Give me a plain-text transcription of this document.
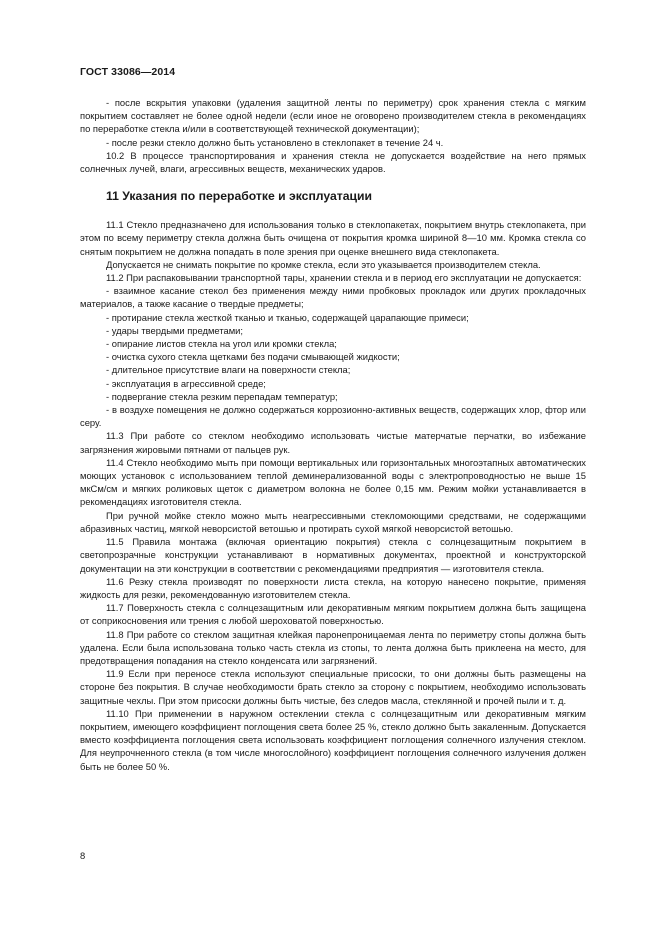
ГОСТ 33086—2014

- после вскрытия упаковки (удаления защитной ленты по периметру) срок хранения стекла с мягким покрытием составляет не более одной недели (если иное не оговорено производителем стекла в рекомендациях по переработке стекла и/или в соответствующей технической документации);

- после резки стекло должно быть установлено в стеклопакет в течение 24 ч.

10.2 В процессе транспортирования и хранения стекла не допускается воздействие на него прямых солнечных лучей, влаги, агрессивных веществ, механических ударов.

11 Указания по переработке и эксплуатации

11.1 Стекло предназначено для использования только в стеклопакетах, покрытием внутрь стеклопакета, при этом по всему периметру стекла должна быть очищена от покрытия кромка шириной 8—10 мм. Кромка стекла со снятым покрытием не должна попадать в поле зрения при оценке внешнего вида стеклопакета.

Допускается не снимать покрытие по кромке стекла, если это указывается производителем стекла.

11.2 При распаковывании транспортной тары, хранении стекла и в период его эксплуатации не допускается:

- взаимное касание стекол без применения между ними пробковых прокладок или других прокладочных материалов, а также касание о твердые предметы;

- протирание стекла жесткой тканью и тканью, содержащей царапающие примеси;

- удары твердыми предметами;

- опирание листов стекла на угол или кромки стекла;

- очистка сухого стекла щетками без подачи смывающей жидкости;

- длительное присутствие влаги на поверхности стекла;

- эксплуатация в агрессивной среде;

- подвергание стекла резким перепадам температур;

- в воздухе помещения не должно содержаться коррозионно-активных веществ, содержащих хлор, фтор или серу.

11.3 При работе со стеклом необходимо использовать чистые матерчатые перчатки, во избежание загрязнения жировыми пятнами от пальцев рук.

11.4 Стекло необходимо мыть при помощи вертикальных или горизонтальных многоэтапных автоматических моющих установок с использованием теплой деминерализованной воды с электропроводностью не выше 15 мкСм/см и мягких роликовых щеток с диаметром волокна не более 0,15 мм. Режим мойки устанавливается в рекомендациях изготовителя стекла.

При ручной мойке стекло можно мыть неагрессивными стекломоющими средствами, не содержащими абразивных частиц, мягкой неворсистой ветошью и протирать сухой мягкой неворсистой ветошью.

11.5 Правила монтажа (включая ориентацию покрытия) стекла с солнцезащитным покрытием в светопрозрачные конструкции устанавливают в нормативных документах, проектной и конструкторской документации на эти конструкции в соответствии с рекомендациями предприятия — изготовителя стекла.

11.6 Резку стекла производят по поверхности листа стекла, на которую нанесено покрытие, применяя жидкость для резки, рекомендованную изготовителем стекла.

11.7 Поверхность стекла с солнцезащитным или декоративным мягким покрытием должна быть защищена от соприкосновения или трения с любой шероховатой поверхностью.

11.8 При работе со стеклом защитная клейкая паронепроницаемая лента по периметру стопы должна быть удалена. Если была использована только часть стекла из стопы, то лента должна быть приклеена на место, для предотвращения попадания на стекло конденсата или загрязнений.

11.9 Если при переносе стекла используют специальные присоски, то они должны быть размещены на стороне без покрытия. В случае необходимости брать стекло за сторону с покрытием, необходимо использовать защитные чехлы. При этом присоски должны быть чистые, без следов масла, стеклянной и прочей пыли и т. д.

11.10 При применении в наружном остеклении стекла с солнцезащитным или декоративным мягким покрытием, имеющего коэффициент поглощения света более 25 %, стекло должно быть закаленным. Допускается вместо коэффициента поглощения света использовать коэффициент поглощения солнечного излучения стеклом. Для неупрочненного стекла (в том числе многослойного) коэффициент поглощения солнечного излучения должен быть не более 50 %.

8
